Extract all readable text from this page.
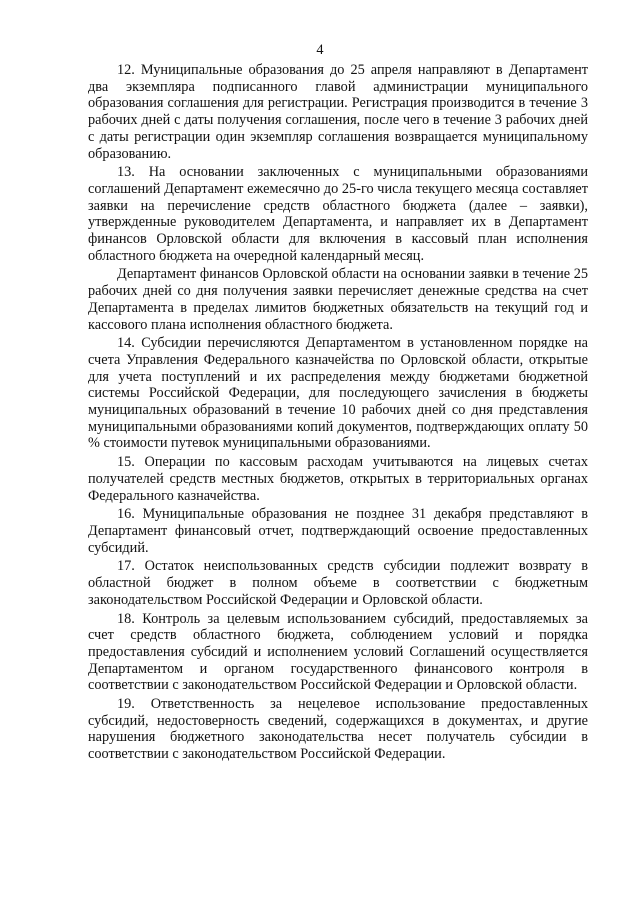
4

12. Муниципальные образования до 25 апреля направляют в Департамент два экземпляра подписанного главой администрации муниципального образования соглашения для регистрации. Регистрация производится в течение 3 рабочих дней с даты получения соглашения, после чего в течение 3 рабочих дней с даты регистрации один экземпляр соглашения возвращается муниципальному образованию.

13. На основании заключенных с муниципальными образованиями соглашений Департамент ежемесячно до 25-го числа текущего месяца составляет заявки на перечисление средств областного бюджета (далее – заявки), утвержденные руководителем Департамента, и направляет их в Департамент финансов Орловской области для включения в кассовый план исполнения областного бюджета на очередной календарный месяц.

Департамент финансов Орловской области на основании заявки в течение 25 рабочих дней со дня получения заявки перечисляет денежные средства на счет Департамента в пределах лимитов бюджетных обязательств на текущий год и кассового плана исполнения областного бюджета.

14. Субсидии перечисляются Департаментом в установленном порядке на счета Управления Федерального казначейства по Орловской области, открытые для учета поступлений и их распределения между бюджетами бюджетной системы Российской Федерации, для последующего зачисления в бюджеты муниципальных образований в течение 10 рабочих дней со дня представления муниципальными образованиями копий документов, подтверждающих оплату 50 % стоимости путевок муниципальными образованиями.

15. Операции по кассовым расходам учитываются на лицевых счетах получателей средств местных бюджетов, открытых в территориальных органах Федерального казначейства.

16. Муниципальные образования не позднее 31 декабря представляют в Департамент финансовый отчет, подтверждающий освоение предоставленных субсидий.

17. Остаток неиспользованных средств субсидии подлежит возврату в областной бюджет в полном объеме в соответствии с бюджетным законодательством Российской Федерации и Орловской области.

18. Контроль за целевым использованием субсидий, предоставляемых за счет средств областного бюджета, соблюдением условий и порядка предоставления субсидий и исполнением условий Соглашений осуществляется Департаментом и органом государственного финансового контроля в соответствии с законодательством Российской Федерации и Орловской области.

19. Ответственность за нецелевое использование предоставленных субсидий, недостоверность сведений, содержащихся в документах, и другие нарушения бюджетного законодательства несет получатель субсидии в соответствии с законодательством Российской Федерации.
